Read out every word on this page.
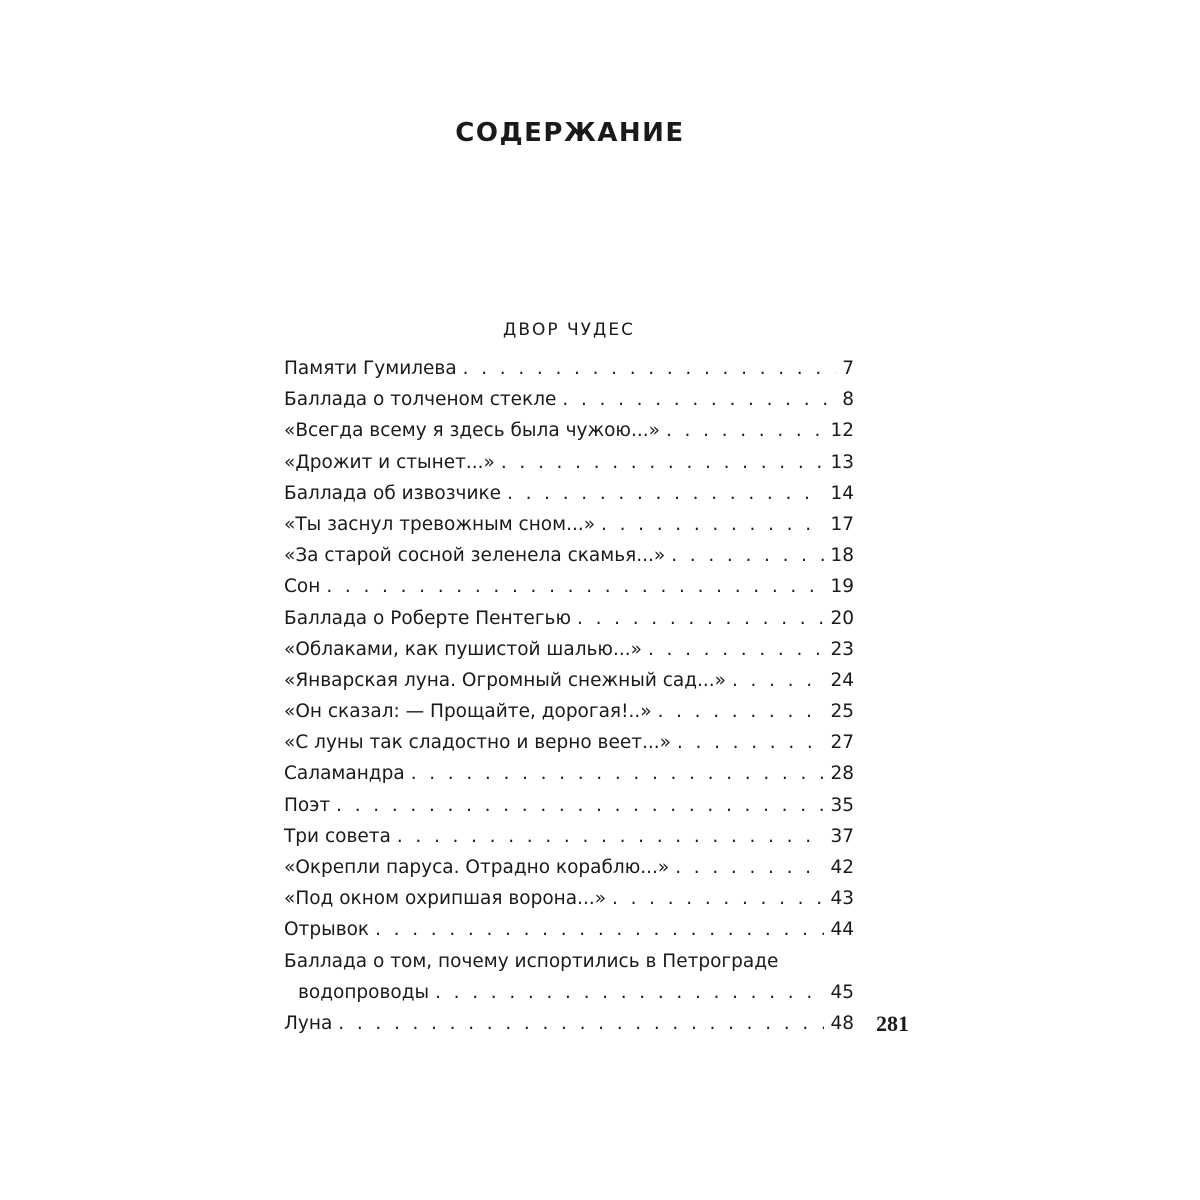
СОДЕРЖАНИЕ
ДВОР ЧУДЕС
Памяти Гумилева . . .	7
Баллада о толченом стекле . . .	8
«Всегда всему я здесь была чужою...» . . .	12
«Дрожит и стынет...» . . .	13
Баллада об извозчике . . .	14
«Ты заснул тревожным сном...» . . .	17
«За старой сосной зеленела скамья...» . . .	18
Сон . . .	19
Баллада о Роберте Пентегью . . .	20
«Облаками, как пушистой шалью...» . . .	23
«Январская луна. Огромный снежный сад...» . . .	24
«Он сказал: — Прощайте, дорогая!..» . . .	25
«С луны так сладостно и верно веет...» . . .	27
Саламандра . . .	28
Поэт . . .	35
Три совета . . .	37
«Окрепли паруса. Отрадно кораблю...» . . .	42
«Под окном охрипшая ворона...» . . .	43
Отрывок . . .	44
Баллада о том, почему испортились в Петрограде
водопроводы . . .	45
Луна . . .	48 281
